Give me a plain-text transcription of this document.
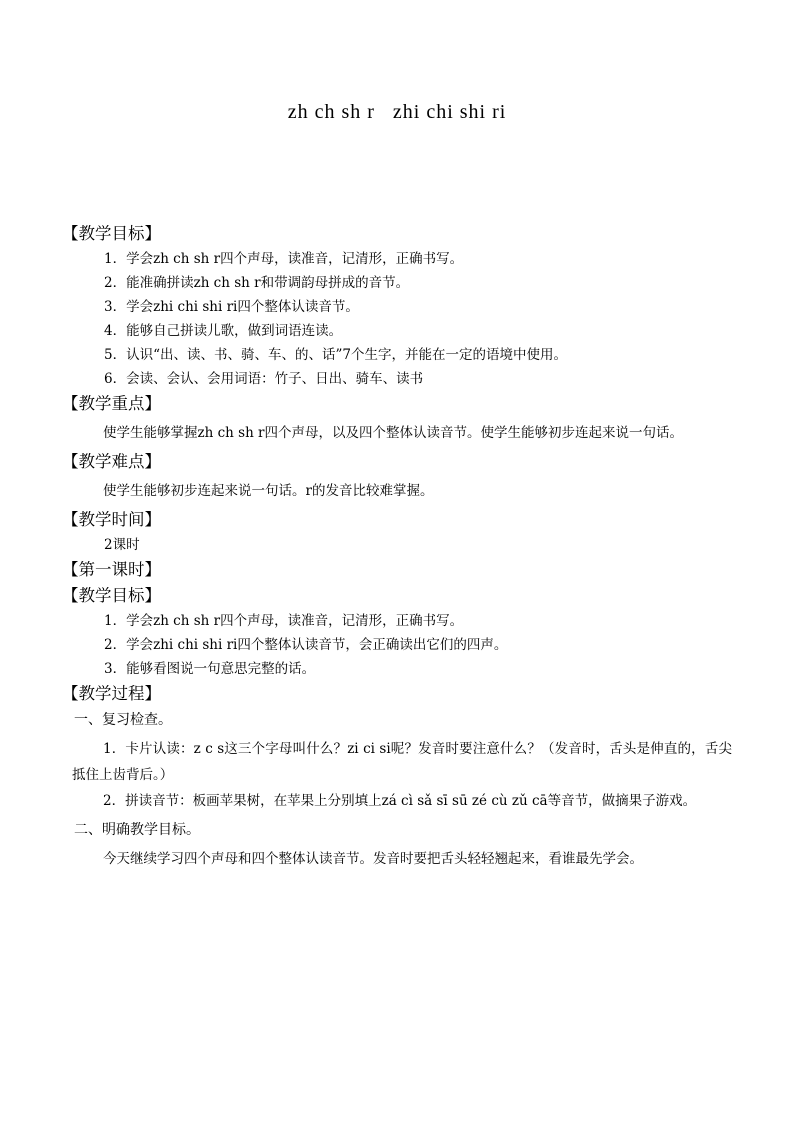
zh ch sh r   zhi chi shi ri
【教学目标】
1．学会zh ch sh r四个声母，读准音，记清形，正确书写。
2．能准确拼读zh ch sh r和带调韵母拼成的音节。
3．学会zhi chi shi ri四个整体认读音节。
4．能够自己拼读儿歌，做到词语连读。
5．认识“出、读、书、骑、车、的、话”7个生字，并能在一定的语境中使用。
6．会读、会认、会用词语：竹子、日出、骑车、读书
【教学重点】

使学生能够掌握zh ch sh r四个声母，以及四个整体认读音节。使学生能够初步连起来说一句话。

【教学难点】

使学生能够初步连起来说一句话。r的发音比较难掌握。

【教学时间】
2课时
【第一课时】
【教学目标】
1．学会zh ch sh r四个声母，读准音，记清形，正确书写。
2．学会zhi chi shi ri四个整体认读音节，会正确读出它们的四声。
3．能够看图说一句意思完整的话。
【教学过程】
一、复习检查。

1．卡片认读：z c s这三个字母叫什么？zi ci si呢？发音时要注意什么？（发音时，舌头是伸直的，舌尖抵住上齿背后。）

2．拼读音节：板画苹果树，在苹果上分别填上zá cì sǎ sī sū zé cù zǔ cā等音节，做摘果子游戏。

二、明确教学目标。

今天继续学习四个声母和四个整体认读音节。发音时要把舌头轻轻翘起来，看谁最先学会。
